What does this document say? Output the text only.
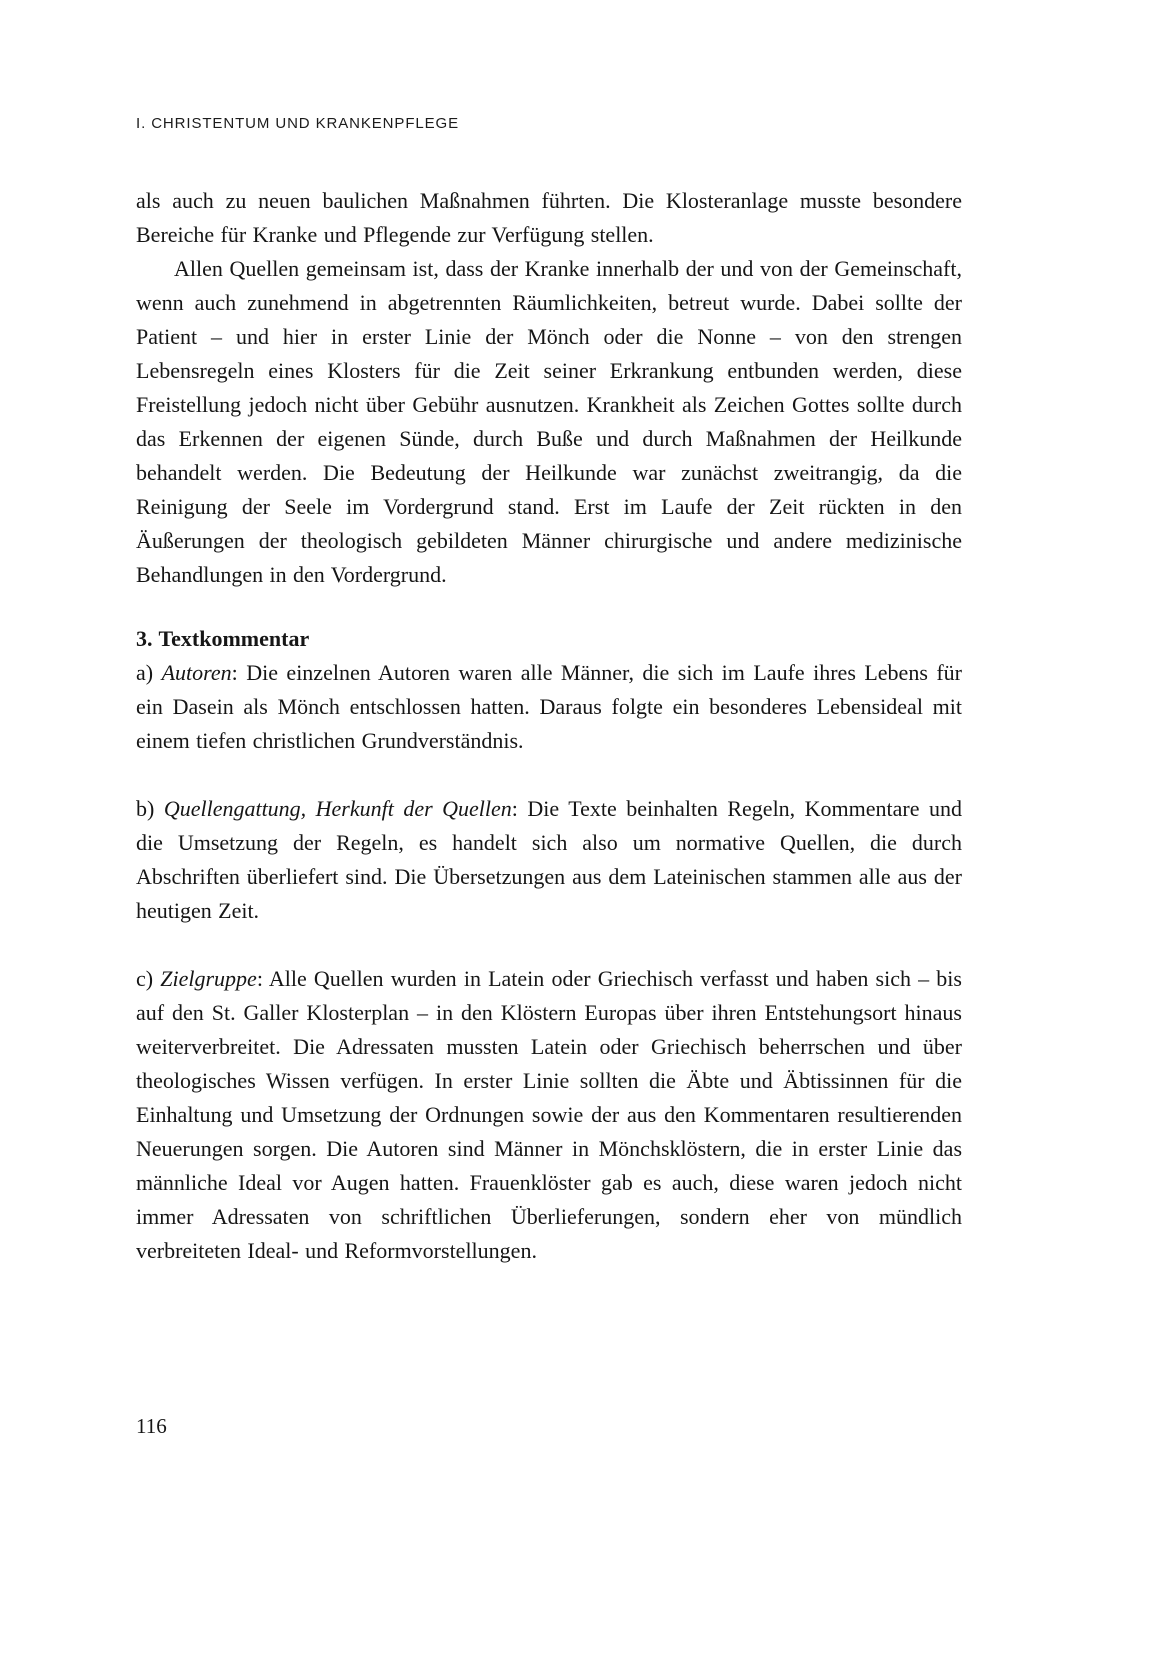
I. CHRISTENTUM UND KRANKENPFLEGE

als auch zu neuen baulichen Maßnahmen führten. Die Klosteranlage musste besondere Bereiche für Kranke und Pflegende zur Verfügung stellen.

Allen Quellen gemeinsam ist, dass der Kranke innerhalb der und von der Gemeinschaft, wenn auch zunehmend in abgetrennten Räumlichkeiten, betreut wurde. Dabei sollte der Patient – und hier in erster Linie der Mönch oder die Nonne – von den strengen Lebensregeln eines Klosters für die Zeit seiner Erkrankung entbunden werden, diese Freistellung jedoch nicht über Gebühr ausnutzen. Krankheit als Zeichen Gottes sollte durch das Erkennen der eigenen Sünde, durch Buße und durch Maßnahmen der Heilkunde behandelt werden. Die Bedeutung der Heilkunde war zunächst zweitrangig, da die Reinigung der Seele im Vordergrund stand. Erst im Laufe der Zeit rückten in den Äußerungen der theologisch gebildeten Männer chirurgische und andere medizinische Behandlungen in den Vordergrund.

3. Textkommentar

a) Autoren: Die einzelnen Autoren waren alle Männer, die sich im Laufe ihres Lebens für ein Dasein als Mönch entschlossen hatten. Daraus folgte ein besonderes Lebensideal mit einem tiefen christlichen Grundverständnis.

b) Quellengattung, Herkunft der Quellen: Die Texte beinhalten Regeln, Kommentare und die Umsetzung der Regeln, es handelt sich also um normative Quellen, die durch Abschriften überliefert sind. Die Übersetzungen aus dem Lateinischen stammen alle aus der heutigen Zeit.

c) Zielgruppe: Alle Quellen wurden in Latein oder Griechisch verfasst und haben sich – bis auf den St. Galler Klosterplan – in den Klöstern Europas über ihren Entstehungsort hinaus weiterverbreitet. Die Adressaten mussten Latein oder Griechisch beherrschen und über theologisches Wissen verfügen. In erster Linie sollten die Äbte und Äbtissinnen für die Einhaltung und Umsetzung der Ordnungen sowie der aus den Kommentaren resultierenden Neuerungen sorgen. Die Autoren sind Männer in Mönchsklöstern, die in erster Linie das männliche Ideal vor Augen hatten. Frauenklöster gab es auch, diese waren jedoch nicht immer Adressaten von schriftlichen Überlieferungen, sondern eher von mündlich verbreiteten Ideal- und Reformvorstellungen.

116
